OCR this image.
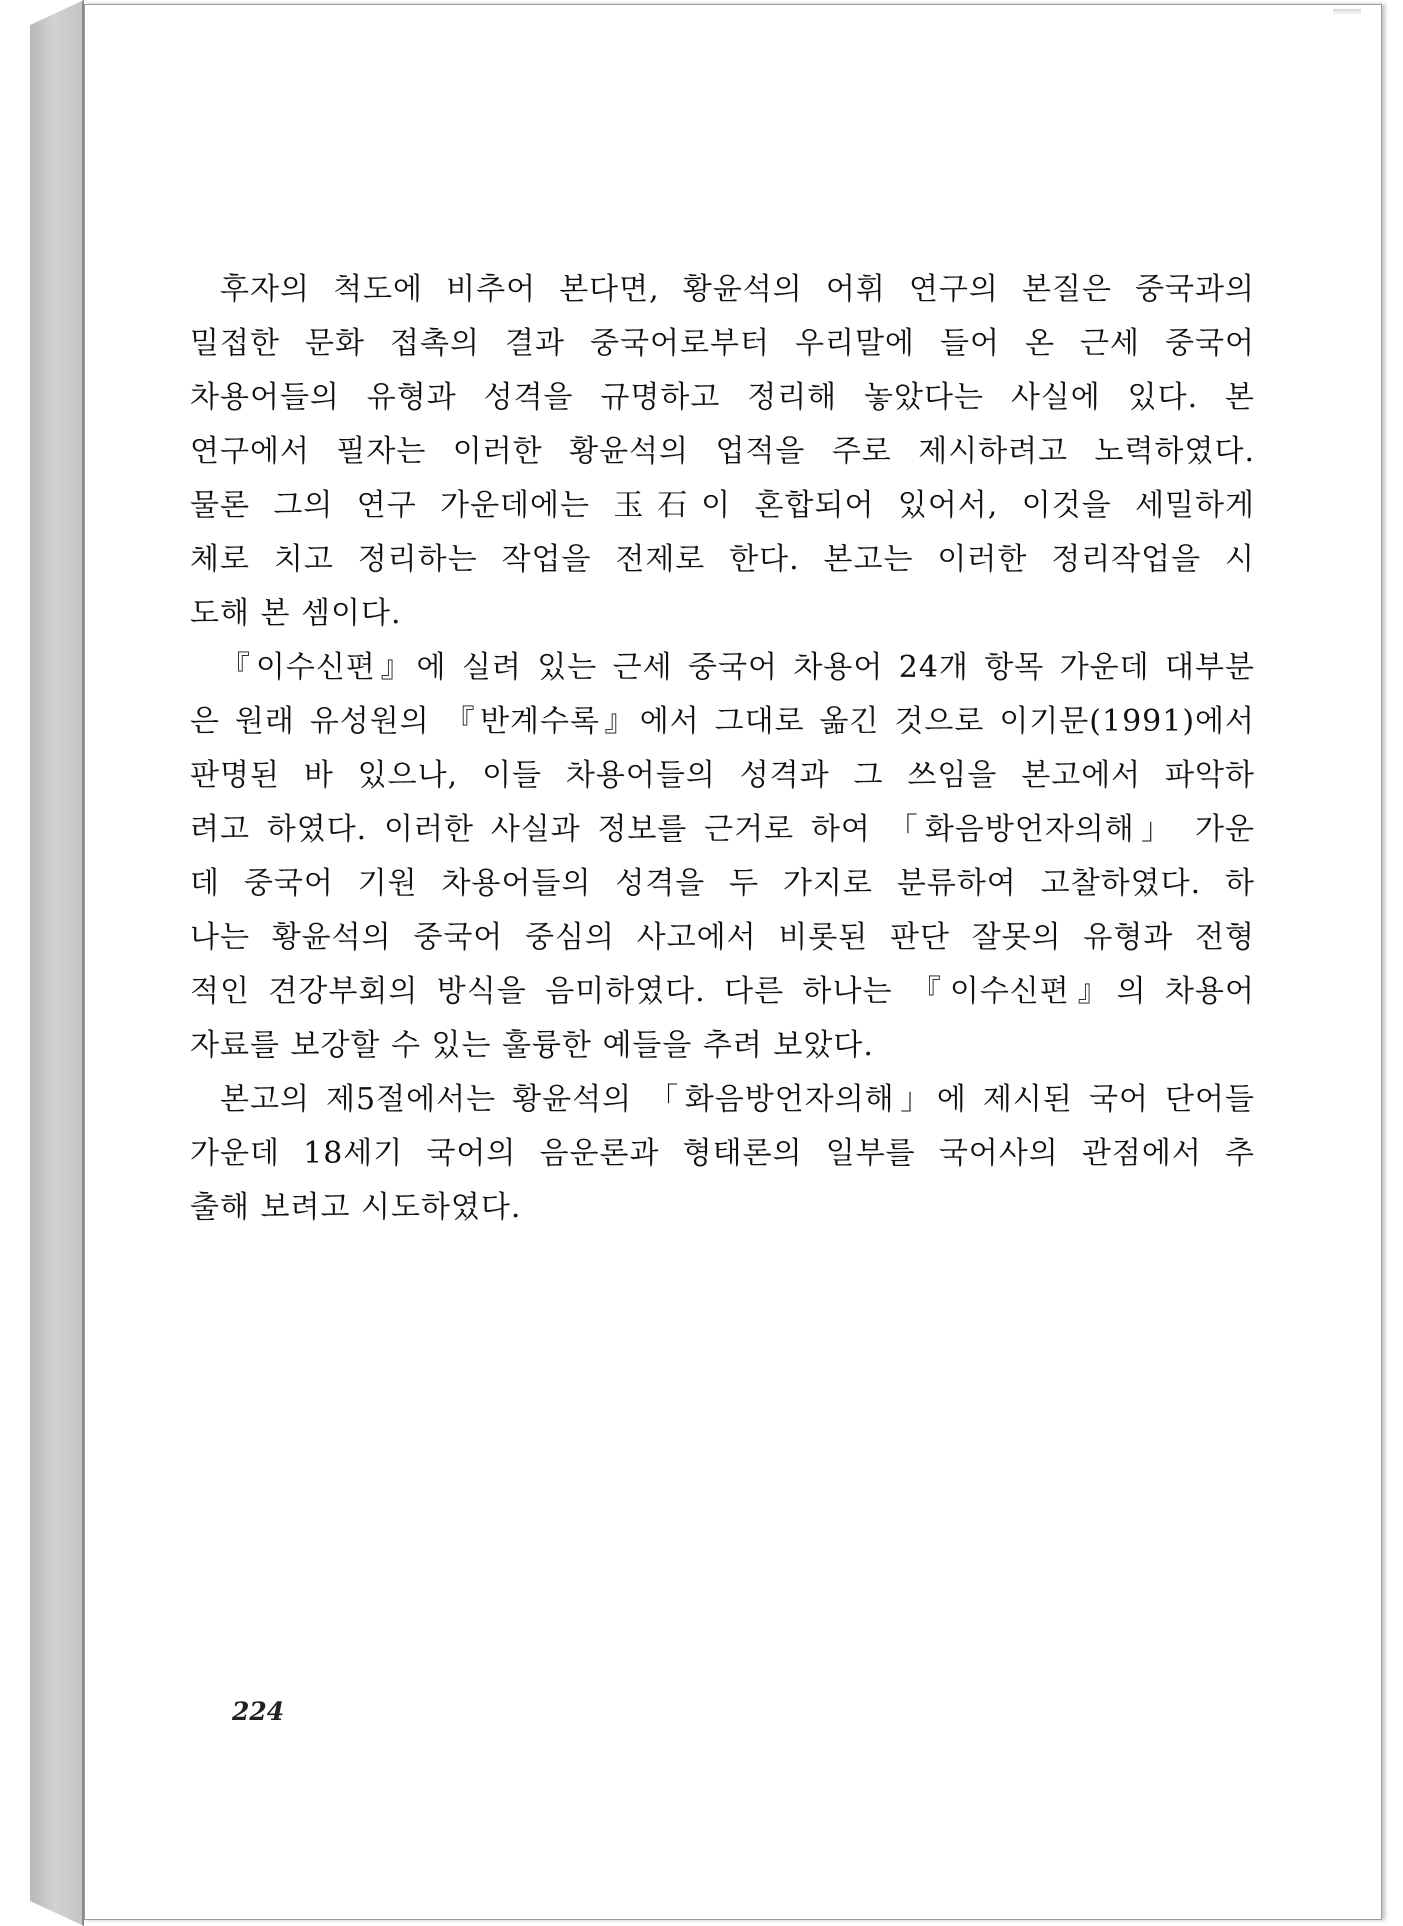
후자의 척도에 비추어 본다면, 황윤석의 어휘 연구의 본질은 중국과의
밀접한 문화 접촉의 결과 중국어로부터 우리말에 들어 온 근세 중국어
차용어들의 유형과 성격을 규명하고 정리해 놓았다는 사실에 있다. 본
연구에서 필자는 이러한 황윤석의 업적을 주로 제시하려고 노력하였다.
물론 그의 연구 가운데에는 玉石이 혼합되어 있어서, 이것을 세밀하게
체로 치고 정리하는 작업을 전제로 한다. 본고는 이러한 정리작업을 시
도해 본 셈이다.

『이수신편』에 실려 있는 근세 중국어 차용어 24개 항목 가운데 대부분
은 원래 유성원의 『반계수록』에서 그대로 옮긴 것으로 이기문(1991)에서
판명된 바 있으나, 이들 차용어들의 성격과 그 쓰임을 본고에서 파악하
려고 하였다. 이러한 사실과 정보를 근거로 하여 「화음방언자의해」 가운
데 중국어 기원 차용어들의 성격을 두 가지로 분류하여 고찰하였다. 하
나는 황윤석의 중국어 중심의 사고에서 비롯된 판단 잘못의 유형과 전형
적인 견강부회의 방식을 음미하였다. 다른 하나는 『이수신편』의 차용어
자료를 보강할 수 있는 훌륭한 예들을 추려 보았다.

본고의 제5절에서는 황윤석의 「화음방언자의해」에 제시된 국어 단어들
가운데 18세기 국어의 음운론과 형태론의 일부를 국어사의 관점에서 추
출해 보려고 시도하였다.

224
